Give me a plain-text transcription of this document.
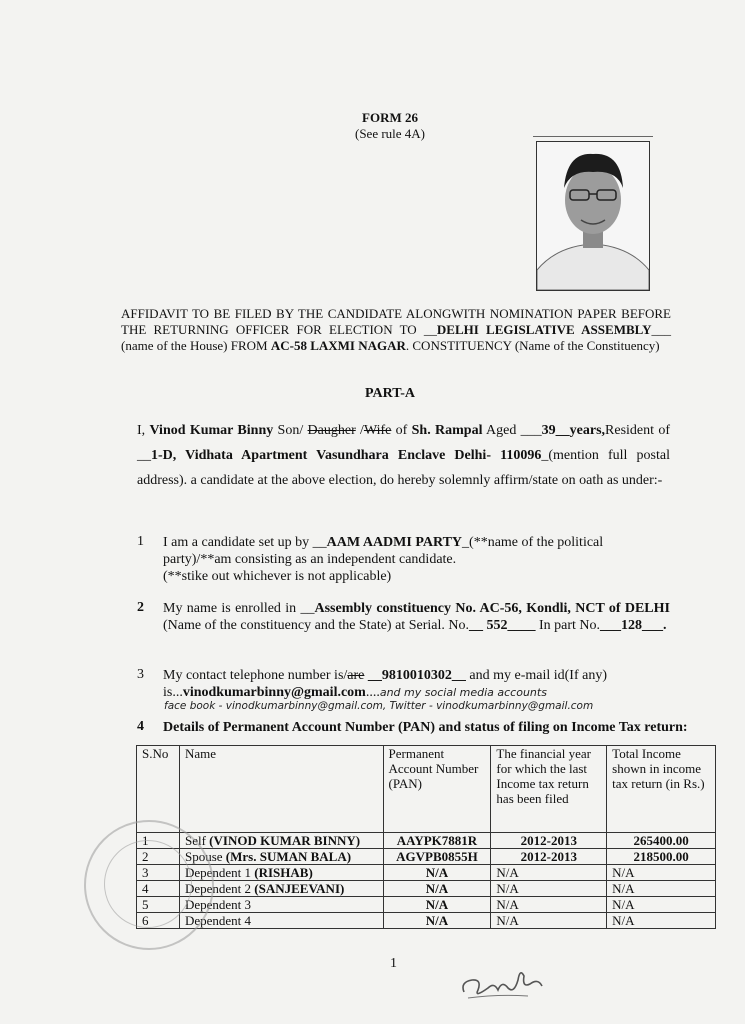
FORM 26
(See rule 4A)
AFFIDAVIT TO BE FILED BY THE CANDIDATE ALONGWITH NOMINATION PAPER BEFORE THE RETURNING OFFICER FOR ELECTION TO __DELHI LEGISLATIVE ASSEMBLY___ (name of the House) FROM AC-58 LAXMI NAGAR. CONSTITUENCY (Name of the Constituency)
PART-A
I, Vinod Kumar Binny Son/ Daugher /Wife of Sh. Rampal Aged ___39__years,Resident of __1-D, Vidhata Apartment Vasundhara Enclave Delhi- 110096_(mention full postal address). a candidate at the above election, do hereby solemnly affirm/state on oath as under:-
1 I am a candidate set up by __AAM AADMI PARTY_(**name of the political party)/**am consisting as an independent candidate.
(**stike out whichever is not applicable)
2 My name is enrolled in __Assembly constituency No. AC-56, Kondli, NCT of DELHI (Name of the constituency and the State) at Serial. No.__ 552____ In part No.___128___.
3 My contact telephone number is/are __9810010302__ and my e-mail id(If any) is...vinodkumarbinny@gmail.com....and my social media accounts
face book - vinodkumarbinny@gmail.com, Twitter - vinodkumarbinny@gmail.com
4 Details of Permanent Account Number (PAN) and status of filing on Income Tax return:
S.No	Name	Permanent Account Number (PAN)	The financial year for which the last Income tax return has been filed	Total Income shown in income tax return (in Rs.)
1	Self (VINOD KUMAR BINNY)	AAYPK7881R	2012-2013	265400.00
2	Spouse (Mrs. SUMAN BALA)	AGVPB0855H	2012-2013	218500.00
3	Dependent 1 (RISHAB)	N/A	N/A	N/A
4	Dependent 2 (SANJEEVANI)	N/A	N/A	N/A
5	Dependent 3	N/A	N/A	N/A
6	Dependent 4	N/A	N/A	N/A
1
